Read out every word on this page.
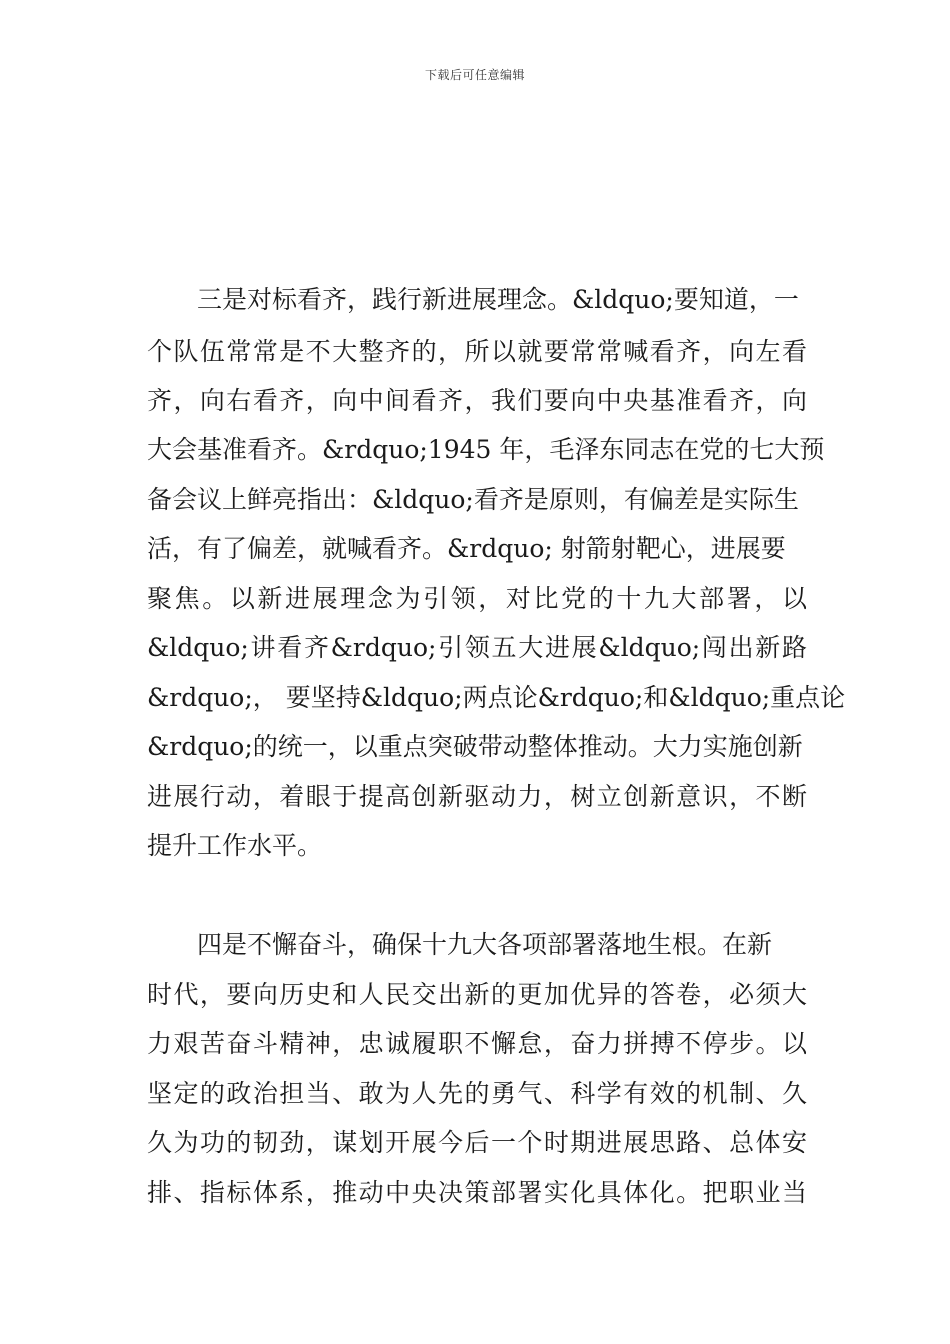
下载后可任意编辑
三是对标看齐，践行新进展理念。&ldquo;要知道，一
个队伍常常是不大整齐的，所以就要常常喊看齐，向左看
齐，向右看齐，向中间看齐，我们要向中央基准看齐，向
大会基准看齐。&rdquo;1945 年，毛泽东同志在党的七大预
备会议上鲜亮指出：&ldquo;看齐是原则，有偏差是实际生
活，有了偏差，就喊看齐。&rdquo; 射箭射靶心，进展要
聚焦。以新进展理念为引领，对比党的十九大部署，以
&ldquo;讲看齐&rdquo;引领五大进展&ldquo;闯出新路
&rdquo;， 要坚持&ldquo;两点论&rdquo;和&ldquo;重点论
&rdquo;的统一，以重点突破带动整体推动。大力实施创新
进展行动，着眼于提高创新驱动力，树立创新意识，不断
提升工作水平。
四是不懈奋斗，确保十九大各项部署落地生根。在新
时代，要向历史和人民交出新的更加优异的答卷，必须大
力艰苦奋斗精神，忠诚履职不懈怠，奋力拼搏不停步。以
坚定的政治担当、敢为人先的勇气、科学有效的机制、久
久为功的韧劲，谋划开展今后一个时期进展思路、总体安
排、指标体系，推动中央决策部署实化具体化。把职业当
